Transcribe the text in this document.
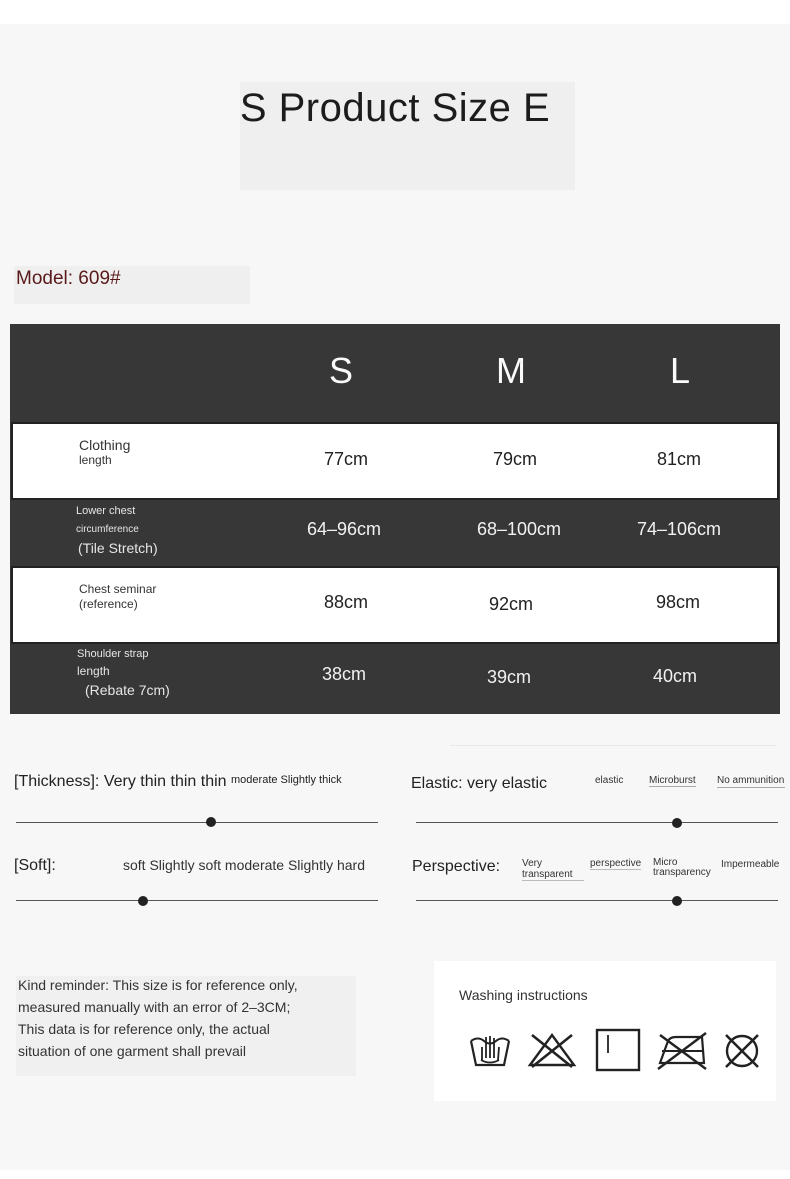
S Product Size E
Model: 609#
S	M	L
Clothing
length	77cm	79cm	81cm
Lower chest
circumference
(Tile Stretch)
64–96cm	68–100cm	74–106cm
Chest seminar
(reference)	88cm	92cm	98cm
Shoulder strap
length
(Rebate 7cm)
38cm	39cm	40cm
[Thickness]: Very thin thin thin moderate Slightly thick	Elastic: very elastic	elastic	Microburst No ammunition
[Soft]:	soft Slightly soft moderate Slightly hard	Perspective: Very transparent
perspective Micro transparency
Impermeable
Kind reminder: This size is for reference only,
measured manually with an error of 2–3CM;
This data is for reference only, the actual
situation of one garment shall prevail
Washing instructions
